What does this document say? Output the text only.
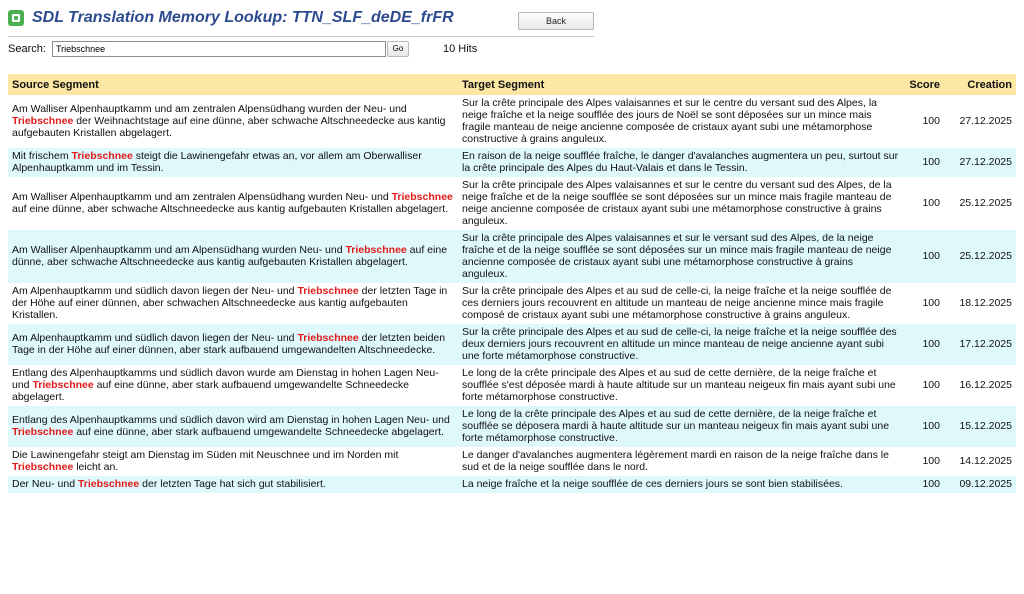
SDL Translation Memory Lookup: TTN_SLF_deDE_frFR	Back
Search:
Triebschnee	Go	10 Hits
Source Segment	Target Segment	Score	Creation
Am Walliser Alpenhauptkamm und am zentralen Alpensüdhang wurden der Neu- und Triebschnee der Weihnachtstage auf eine dünne, aber schwache Altschneedecke aus kantig aufgebauten Kristallen abgelagert.	Sur la crête principale des Alpes valaisannes et sur le centre du versant sud des Alpes, la neige fraîche et la neige soufflée des jours de Noël se sont déposées sur un mince mais fragile manteau de neige ancienne composée de cristaux ayant subi une métamorphose constructive à grains anguleux.	100	27.12.2025
Mit frischem Triebschnee steigt die Lawinengefahr etwas an, vor allem am Oberwalliser Alpenhauptkamm und im Tessin.	En raison de la neige soufflée fraîche, le danger d'avalanches augmentera un peu, surtout sur la crête principale des Alpes du Haut-Valais et dans le Tessin.	100	27.12.2025
Am Walliser Alpenhauptkamm und am zentralen Alpensüdhang wurden Neu- und Triebschnee auf eine dünne, aber schwache Altschneedecke aus kantig aufgebauten Kristallen abgelagert.	Sur la crête principale des Alpes valaisannes et sur le centre du versant sud des Alpes, de la neige fraîche et de la neige soufflée se sont déposées sur un mince mais fragile manteau de neige ancienne composée de cristaux ayant subi une métamorphose constructive à grains anguleux.	100	25.12.2025
Am Walliser Alpenhauptkamm und am Alpensüdhang wurden Neu- und Triebschnee auf eine dünne, aber schwache Altschneedecke aus kantig aufgebauten Kristallen abgelagert.	Sur la crête principale des Alpes valaisannes et sur le versant sud des Alpes, de la neige fraîche et de la neige soufflée se sont déposées sur un mince mais fragile manteau de neige ancienne composée de cristaux ayant subi une métamorphose constructive à grains anguleux.	100	25.12.2025
Am Alpenhauptkamm und südlich davon liegen der Neu- und Triebschnee der letzten Tage in der Höhe auf einer dünnen, aber schwachen Altschneedecke aus kantig aufgebauten Kristallen.	Sur la crête principale des Alpes et au sud de celle-ci, la neige fraîche et la neige soufflée de ces derniers jours recouvrent en altitude un manteau de neige ancienne mince mais fragile composé de cristaux ayant subi une métamorphose constructive à grains anguleux.	100	18.12.2025
Am Alpenhauptkamm und südlich davon liegen der Neu- und Triebschnee der letzten beiden Tage in der Höhe auf einer dünnen, aber stark aufbauend umgewandelten Altschneedecke.	Sur la crête principale des Alpes et au sud de celle-ci, la neige fraîche et la neige soufflée des deux derniers jours recouvrent en altitude un mince manteau de neige ancienne ayant subi une forte métamorphose constructive.	100	17.12.2025
Entlang des Alpenhauptkamms und südlich davon wurde am Dienstag in hohen Lagen Neu- und Triebschnee auf eine dünne, aber stark aufbauend umgewandelte Schneedecke abgelagert.	Le long de la crête principale des Alpes et au sud de cette dernière, de la neige fraîche et soufflée s'est déposée mardi à haute altitude sur un manteau neigeux fin mais ayant subi une forte métamorphose constructive.	100	16.12.2025
Entlang des Alpenhauptkamms und südlich davon wird am Dienstag in hohen Lagen Neu- und Triebschnee auf eine dünne, aber stark aufbauend umgewandelte Schneedecke abgelagert.	Le long de la crête principale des Alpes et au sud de cette dernière, de la neige fraîche et soufflée se déposera mardi à haute altitude sur un manteau neigeux fin mais ayant subi une forte métamorphose constructive.	100	15.12.2025
Die Lawinengefahr steigt am Dienstag im Süden mit Neuschnee und im Norden mit Triebschnee leicht an.	Le danger d'avalanches augmentera légèrement mardi en raison de la neige fraîche dans le sud et de la neige soufflée dans le nord.	100	14.12.2025
Der Neu- und Triebschnee der letzten Tage hat sich gut stabilisiert.	La neige fraîche et la neige soufflée de ces derniers jours se sont bien stabilisées.	100	09.12.2025
